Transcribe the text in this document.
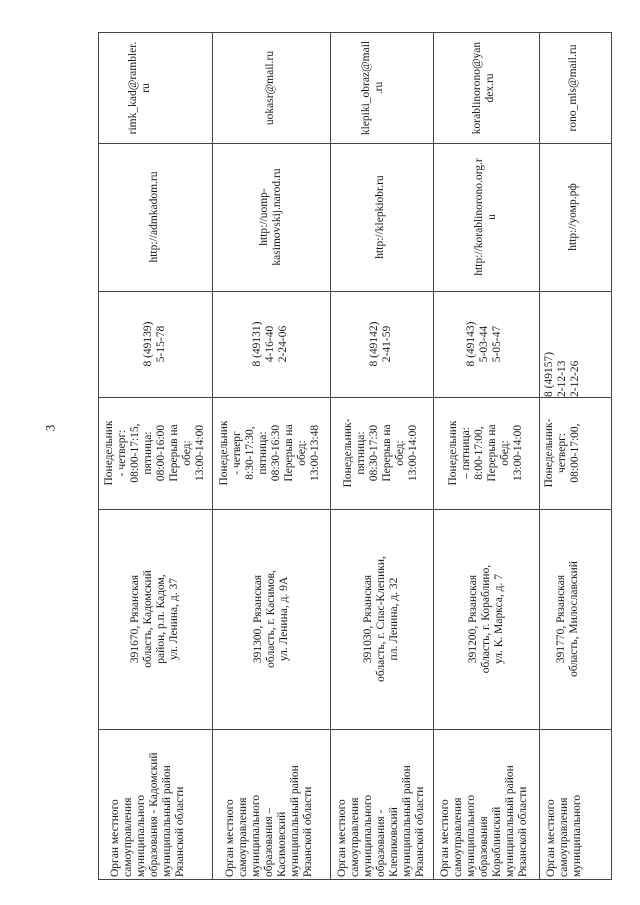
3
rimk_kad@rambler.
ru
http://admkadom.ru
8 (49139)
5-15-78
Понедельник
- четверг:
08:00-17:15,
пятница:
08:00-16:00
Перерыв на
обед:
13:00-14:00
391670, Рязанская
область, Кадомский
район, р.п. Кадом,
ул. Ленина, д. 37
Орган местного
самоуправления
муниципального
образования - Кадомский
муниципальный район
Рязанской области
uokasr@mail.ru
http://uomp-
kasimovskij.narod.ru
8 (49131)
4-16-40
2-24-06
Понедельник
- четверг
8:30-17:30,
пятница:
08:30-16:30
Перерыв на
обед:
13:00-13:48
391300, Рязанская
область, г. Касимов,
ул. Ленина, д. 9А
Орган местного
самоуправления
муниципального
образования –
Касимовский
муниципальный район
Рязанской области
klepiki_obraz@mail
.ru
http://klepkiobr.ru
8 (49142)
2-41-59
Понедельник-
пятница:
08:30-17:30
Перерыв на
обед:
13:00-14:00
391030, Рязанская
область, г. Спас-Клепики,
пл. Ленина, д. 32
Орган местного
самоуправления
муниципального
образования -
Клепиковский
муниципальный район
Рязанской области
korablinorono@yan
dex.ru
http://korablinorono.org.r
u
8 (49143)
5-03-44
5-05-47
Понедельник
– пятница:
8:00-17:00,
Перерыв на
обед:
13:00-14:00
391200, Рязанская
область, г. Кораблино,
ул. К. Маркса, д. 7
Орган местного
самоуправления
муниципального
образования
Кораблинский
муниципальный район
Рязанской области
rono_mls@mail.ru
http://уомр.рф
8 (49157)
2-12-13
2-12-26
Понедельник-
четверг:
08:00-17:00,
391770, Рязанская
область, Милославский
Орган местного
самоуправления
муниципального
